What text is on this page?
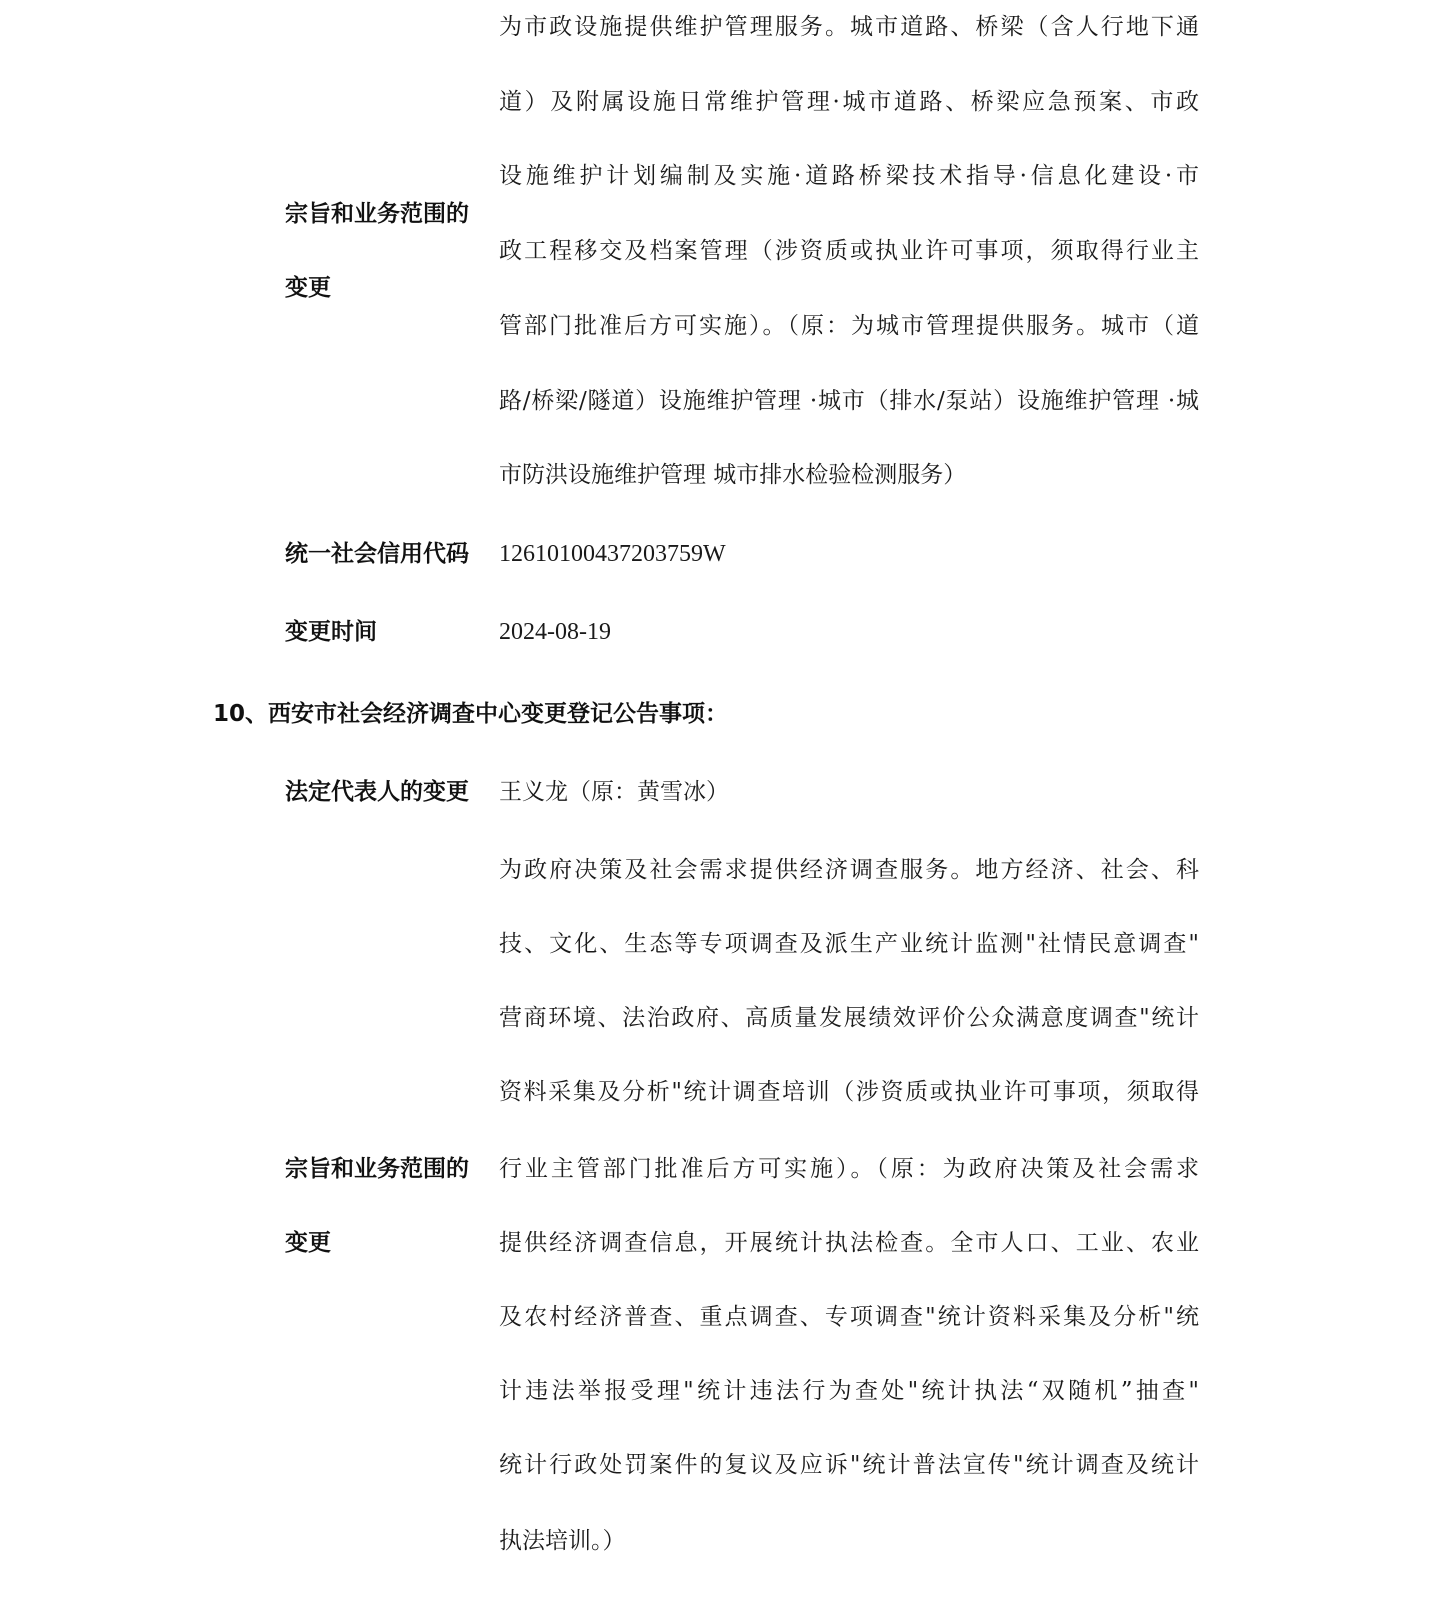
为市政设施提供维护管理服务。城市道路、桥梁（含人行地下通
道）及附属设施日常维护管理·城市道路、桥梁应急预案、市政
设施维护计划编制及实施·道路桥梁技术指导·信息化建设·市
宗旨和业务范围的
政工程移交及档案管理（涉资质或执业许可事项，须取得行业主
变更
管部门批准后方可实施）。（原：为城市管理提供服务。城市（道
路/桥梁/隧道）设施维护管理 ·城市（排水/泵站）设施维护管理 ·城
市防洪设施维护管理 城市排水检验检测服务）
统一社会信用代码 12610100437203759W
变更时间	2024-08-19
10、西安市社会经济调查中心变更登记公告事项：
法定代表人的变更 王义龙（原：黄雪冰）
为政府决策及社会需求提供经济调查服务。地方经济、社会、科
技、文化、生态等专项调查及派生产业统计监测"社情民意调查"
营商环境、法治政府、高质量发展绩效评价公众满意度调查"统计
资料采集及分析"统计调查培训（涉资质或执业许可事项，须取得
宗旨和业务范围的 行业主管部门批准后方可实施）。（原：为政府决策及社会需求
变更	提供经济调查信息，开展统计执法检查。全市人口、工业、农业
及农村经济普查、重点调查、专项调查"统计资料采集及分析"统
计违法举报受理"统计违法行为查处"统计执法“双随机”抽查"
统计行政处罚案件的复议及应诉"统计普法宣传"统计调查及统计
执法培训。）
